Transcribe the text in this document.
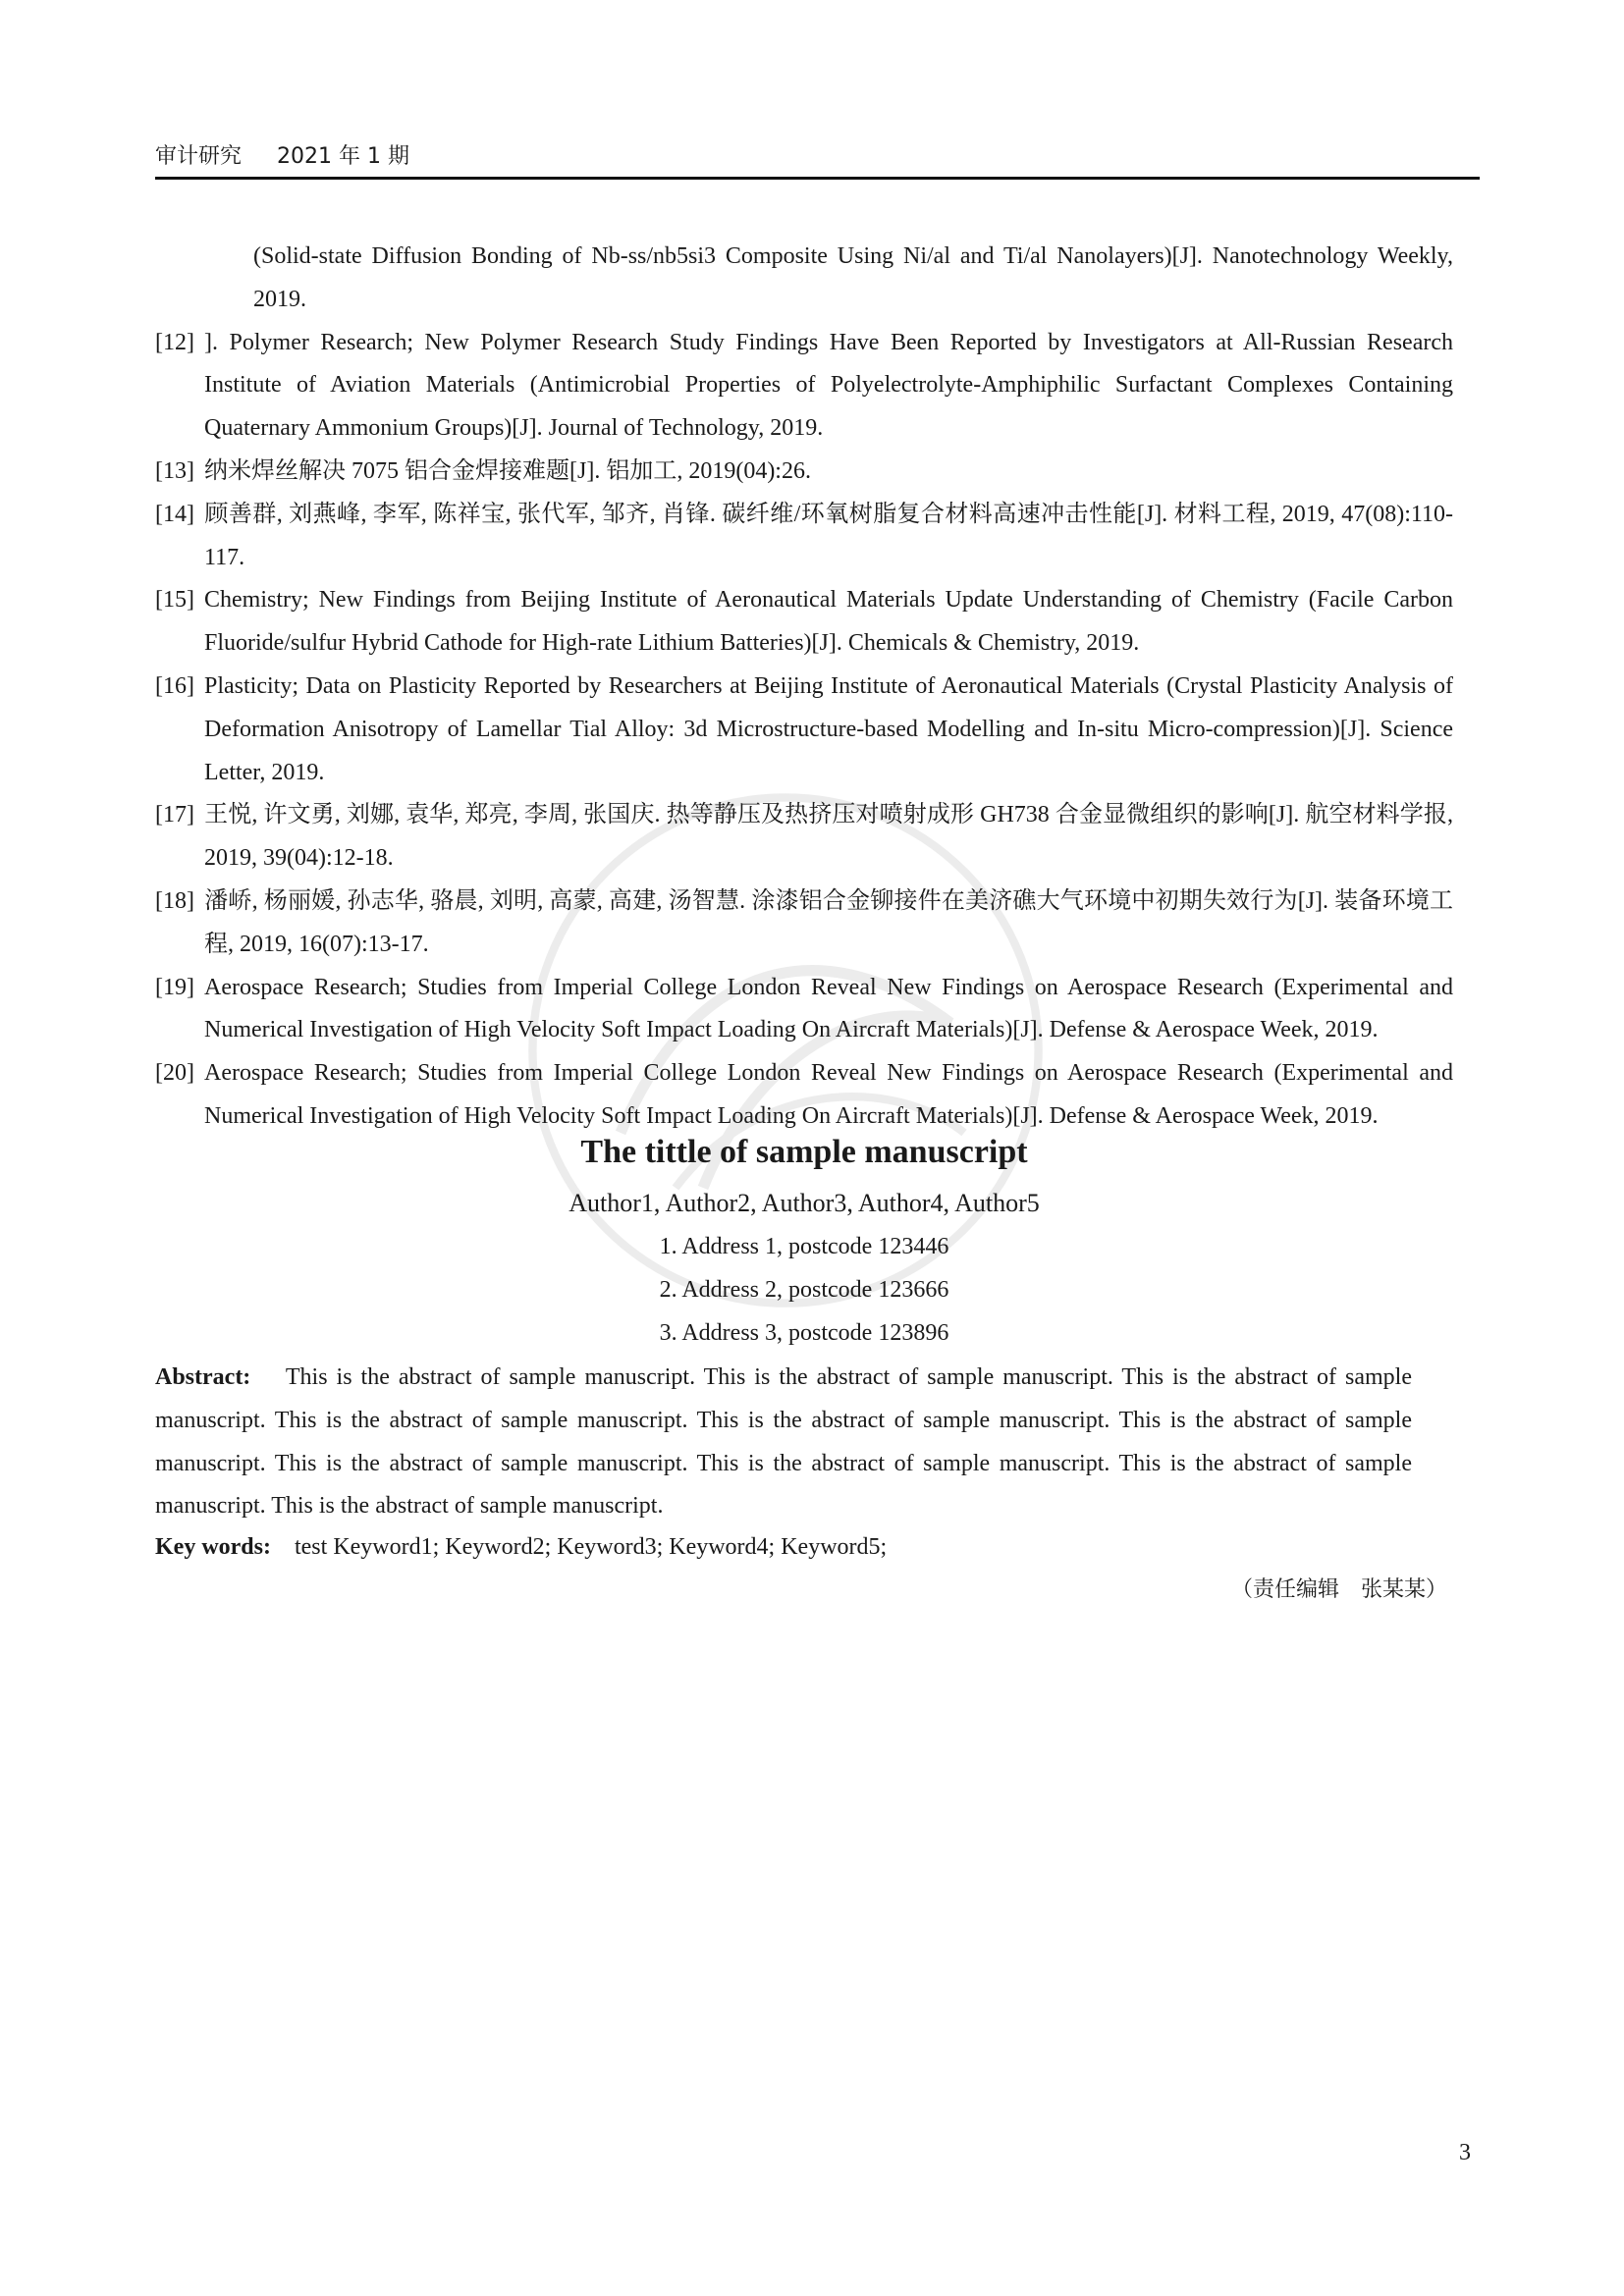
审计研究 2021 年 1 期
(Solid-state Diffusion Bonding of Nb-ss/nb5si3 Composite Using Ni/al and Ti/al Nanolayers)[J]. Nanotechnology Weekly, 2019.
[12] ]. Polymer Research; New Polymer Research Study Findings Have Been Reported by Investigators at All-Russian Research Institute of Aviation Materials (Antimicrobial Properties of Polyelectrolyte-Amphiphilic Surfactant Complexes Containing Quaternary Ammonium Groups)[J]. Journal of Technology, 2019.
[13] 纳米焊丝解决 7075 铝合金焊接难题[J]. 铝加工, 2019(04):26.
[14] 顾善群, 刘燕峰, 李军, 陈祥宝, 张代军, 邹齐, 肖锋. 碳纤维/环氧树脂复合材料高速冲击性能[J]. 材料工程, 2019, 47(08):110-117.
[15] Chemistry; New Findings from Beijing Institute of Aeronautical Materials Update Understanding of Chemistry (Facile Carbon Fluoride/sulfur Hybrid Cathode for High-rate Lithium Batteries)[J]. Chemicals & Chemistry, 2019.
[16] Plasticity; Data on Plasticity Reported by Researchers at Beijing Institute of Aeronautical Materials (Crystal Plasticity Analysis of Deformation Anisotropy of Lamellar Tial Alloy: 3d Microstructure-based Modelling and In-situ Micro-compression)[J]. Science Letter, 2019.
[17] 王悦, 许文勇, 刘娜, 袁华, 郑亮, 李周, 张国庆. 热等静压及热挤压对喷射成形 GH738 合金显微组织的影响[J]. 航空材料学报, 2019, 39(04):12-18.
[18] 潘峤, 杨丽媛, 孙志华, 骆晨, 刘明, 高蒙, 高建, 汤智慧. 涂漆铝合金铆接件在美济礁大气环境中初期失效行为[J]. 装备环境工程, 2019, 16(07):13-17.
[19] Aerospace Research; Studies from Imperial College London Reveal New Findings on Aerospace Research (Experimental and Numerical Investigation of High Velocity Soft Impact Loading On Aircraft Materials)[J]. Defense & Aerospace Week, 2019.
[20] Aerospace Research; Studies from Imperial College London Reveal New Findings on Aerospace Research (Experimental and Numerical Investigation of High Velocity Soft Impact Loading On Aircraft Materials)[J]. Defense & Aerospace Week, 2019.
The tittle of sample manuscript
Author1, Author2, Author3, Author4, Author5
1. Address 1, postcode 123446
2. Address 2, postcode 123666
3. Address 3, postcode 123896
Abstract: This is the abstract of sample manuscript. This is the abstract of sample manuscript. This is the abstract of sample manuscript. This is the abstract of sample manuscript. This is the abstract of sample manuscript. This is the abstract of sample manuscript. This is the abstract of sample manuscript. This is the abstract of sample manuscript. This is the abstract of sample manuscript. This is the abstract of sample manuscript.
Key words: test Keyword1; Keyword2; Keyword3; Keyword4; Keyword5;
（责任编辑　张某某）
3
